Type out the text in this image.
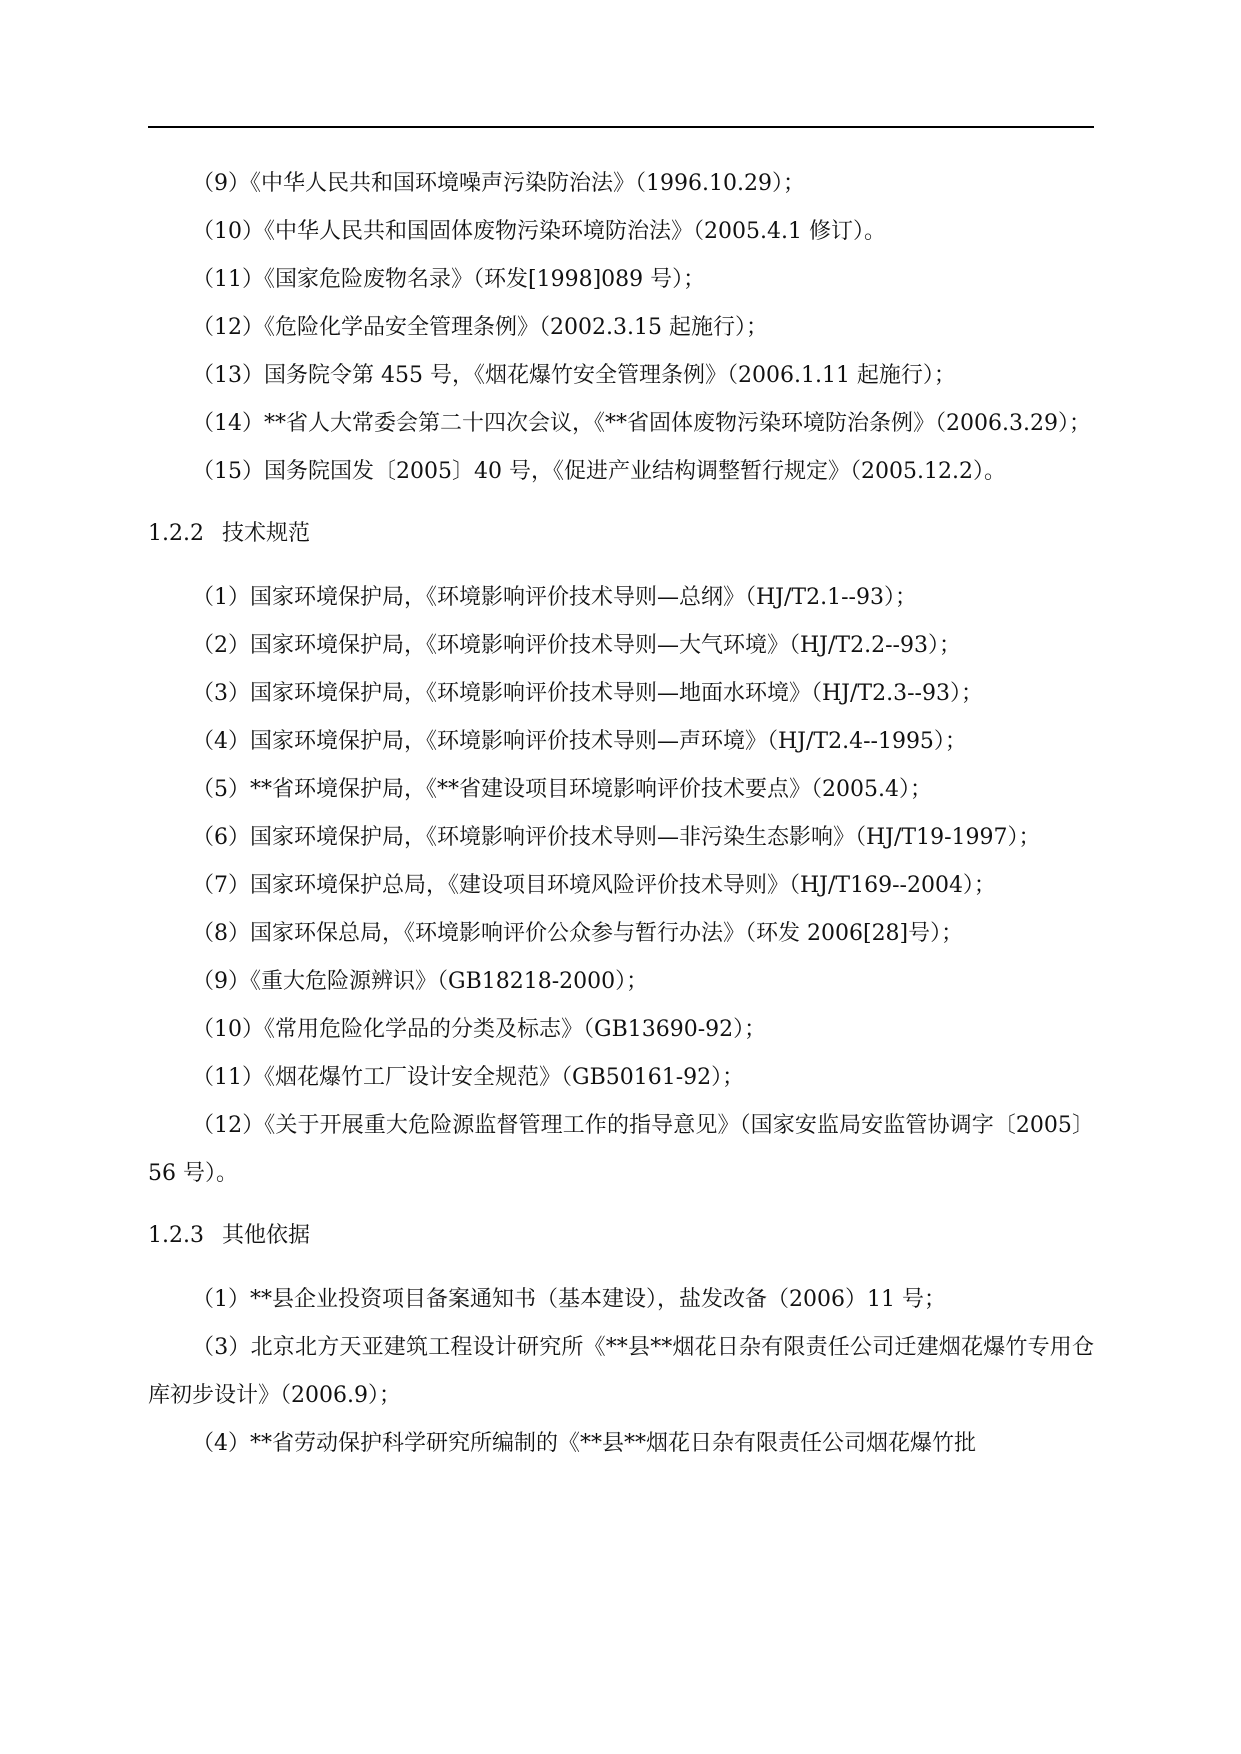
（9）《中华人民共和国环境噪声污染防治法》（1996.10.29）；

（10）《中华人民共和国固体废物污染环境防治法》（2005.4.1 修订）。

（11）《国家危险废物名录》（环发[1998]089 号）；

（12）《危险化学品安全管理条例》（2002.3.15 起施行）；

（13）国务院令第 455 号，《烟花爆竹安全管理条例》（2006.1.11 起施行）；

（14）**省人大常委会第二十四次会议，《**省固体废物污染环境防治条例》（2006.3.29）；

（15）国务院国发〔2005〕40 号，《促进产业结构调整暂行规定》（2005.12.2）。

1.2.2 技术规范

（1）国家环境保护局，《环境影响评价技术导则—总纲》（HJ/T2.1--93）；

（2）国家环境保护局，《环境影响评价技术导则—大气环境》（HJ/T2.2--93）；

（3）国家环境保护局，《环境影响评价技术导则—地面水环境》（HJ/T2.3--93）；

（4）国家环境保护局，《环境影响评价技术导则—声环境》（HJ/T2.4--1995）；

（5）**省环境保护局，《**省建设项目环境影响评价技术要点》（2005.4）；

（6）国家环境保护局，《环境影响评价技术导则—非污染生态影响》（HJ/T19-1997）；

（7）国家环境保护总局，《建设项目环境风险评价技术导则》（HJ/T169--2004）；

（8）国家环保总局，《环境影响评价公众参与暂行办法》（环发 2006[28]号）；

（9）《重大危险源辨识》（GB18218-2000）；

（10）《常用危险化学品的分类及标志》（GB13690-92）；

（11）《烟花爆竹工厂设计安全规范》（GB50161-92）；

（12）《关于开展重大危险源监督管理工作的指导意见》（国家安监局安监管协调字〔2005〕56 号）。

1.2.3 其他依据

（1）**县企业投资项目备案通知书（基本建设），盐发改备（2006）11 号；

（3）北京北方天亚建筑工程设计研究所《**县**烟花日杂有限责任公司迁建烟花爆竹专用仓库初步设计》（2006.9）；

（4）**省劳动保护科学研究所编制的《**县**烟花日杂有限责任公司烟花爆竹批
